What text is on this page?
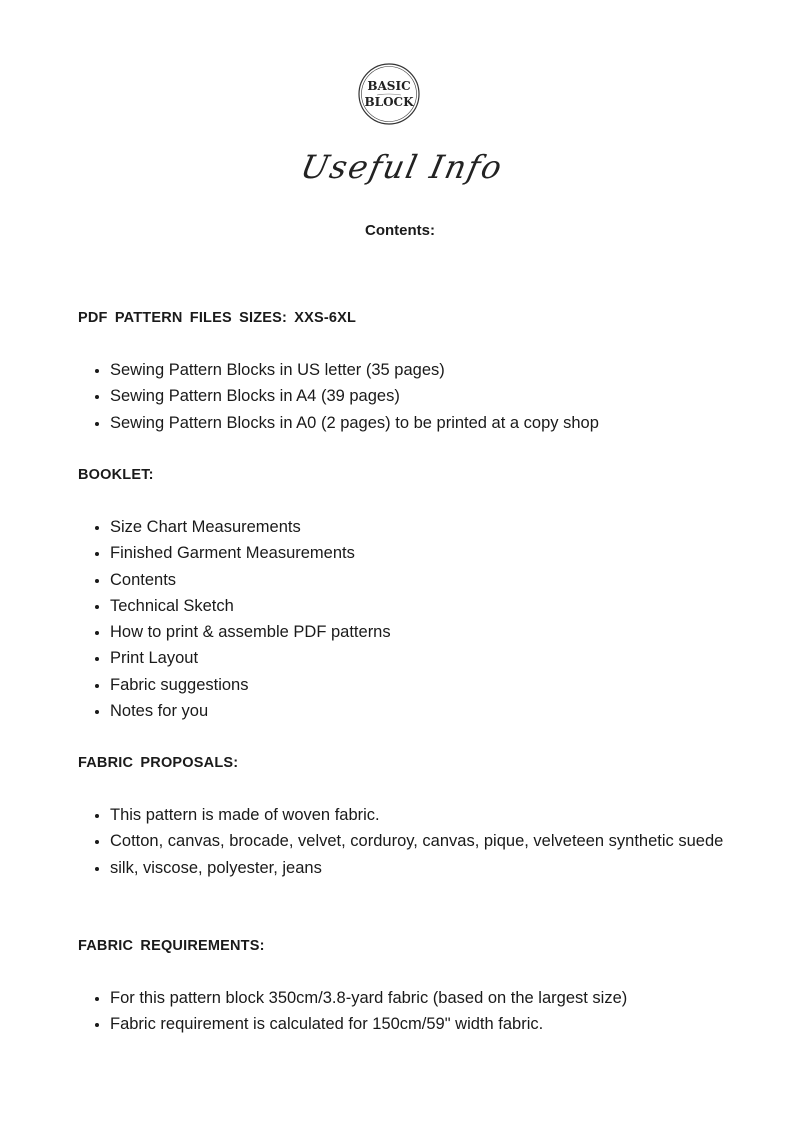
BASIC
BLOCK
Useful Info
Contents:
PDF PATTERN FILES SIZES: XXS-6XL
• Sewing Pattern Blocks in US letter (35 pages)
• Sewing Pattern Blocks in A4 (39 pages)
• Sewing Pattern Blocks in A0 (2 pages) to be printed at a copy shop
BOOKLET:
• Size Chart Measurements
• Finished Garment Measurements
• Contents
• Technical Sketch
• How to print & assemble PDF patterns
• Print Layout
• Fabric suggestions
• Notes for you
FABRIC PROPOSALS:
• This pattern is made of woven fabric.
• Cotton, canvas, brocade, velvet, corduroy, canvas, pique, velveteen synthetic suede
• silk, viscose, polyester, jeans
FABRIC REQUIREMENTS:
• For this pattern block 350cm/3.8-yard fabric (based on the largest size)
• Fabric requirement is calculated for 150cm/59" width fabric.
